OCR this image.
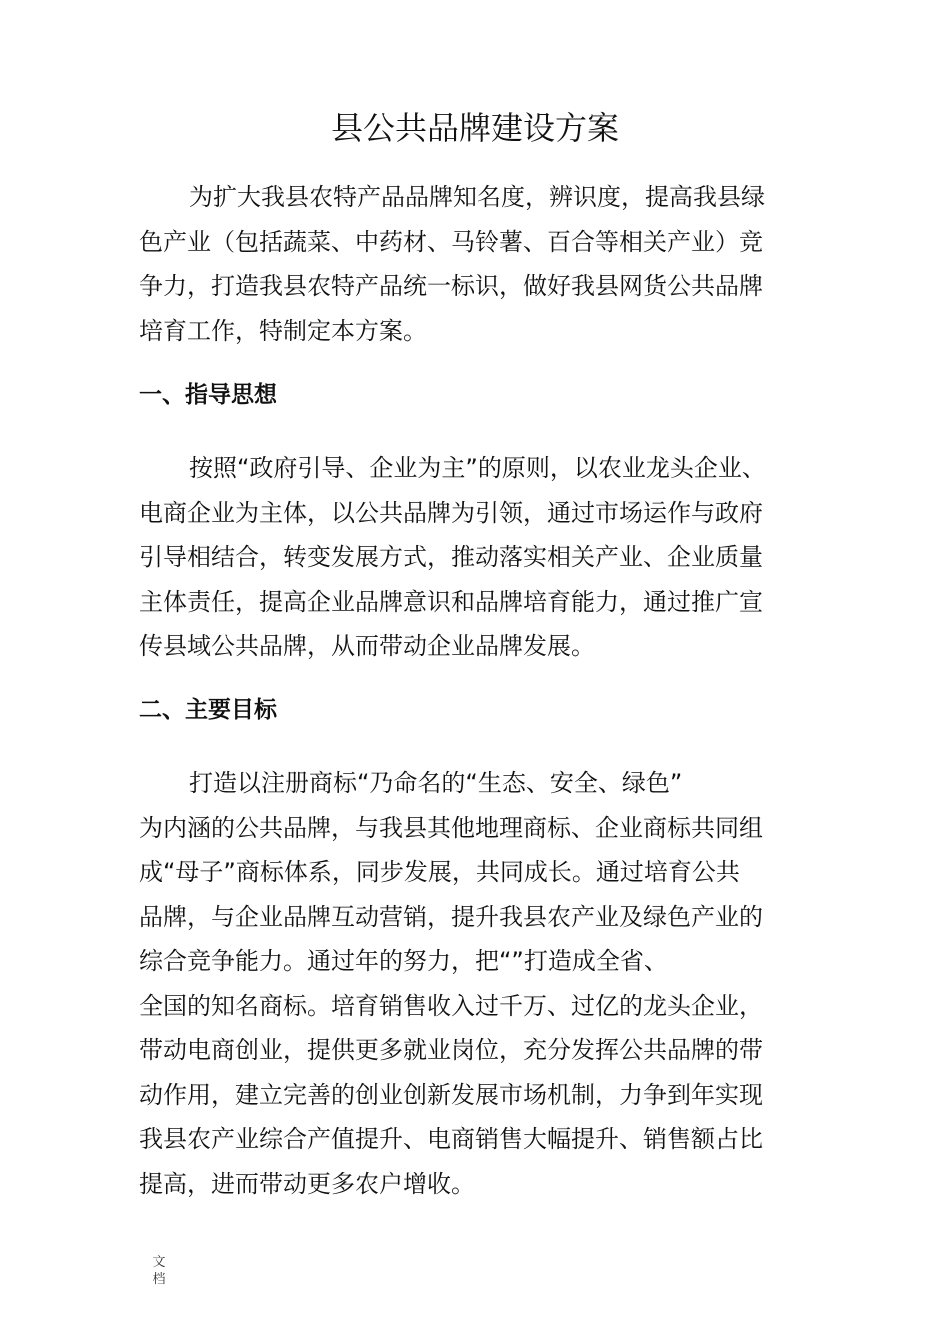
县公共品牌建设方案

为扩大我县农特产品品牌知名度，辨识度，提高我县绿
色产业（包括蔬菜、中药材、马铃薯、百合等相关产业）竞
争力，打造我县农特产品统一标识，做好我县网货公共品牌
培育工作，特制定本方案。

一、指导思想

按照“政府引导、企业为主”的原则，以农业龙头企业、
电商企业为主体，以公共品牌为引领，通过市场运作与政府
引导相结合，转变发展方式，推动落实相关产业、企业质量
主体责任，提高企业品牌意识和品牌培育能力，通过推广宣
传县域公共品牌，从而带动企业品牌发展。

二、主要目标

打造以注册商标“乃命名的“生态、安全、绿色”
为内涵的公共品牌，与我县其他地理商标、企业商标共同组
成“母子”商标体系，同步发展，共同成长。通过培育公共
品牌，与企业品牌互动营销，提升我县农产业及绿色产业的
综合竞争能力。通过年的努力，把“”打造成全省、
全国的知名商标。培育销售收入过千万、过亿的龙头企业，
带动电商创业，提供更多就业岗位，充分发挥公共品牌的带
动作用，建立完善的创业创新发展市场机制，力争到年实现
我县农产业综合产值提升、电商销售大幅提升、销售额占比
提高，进而带动更多农户增收。

文
档
